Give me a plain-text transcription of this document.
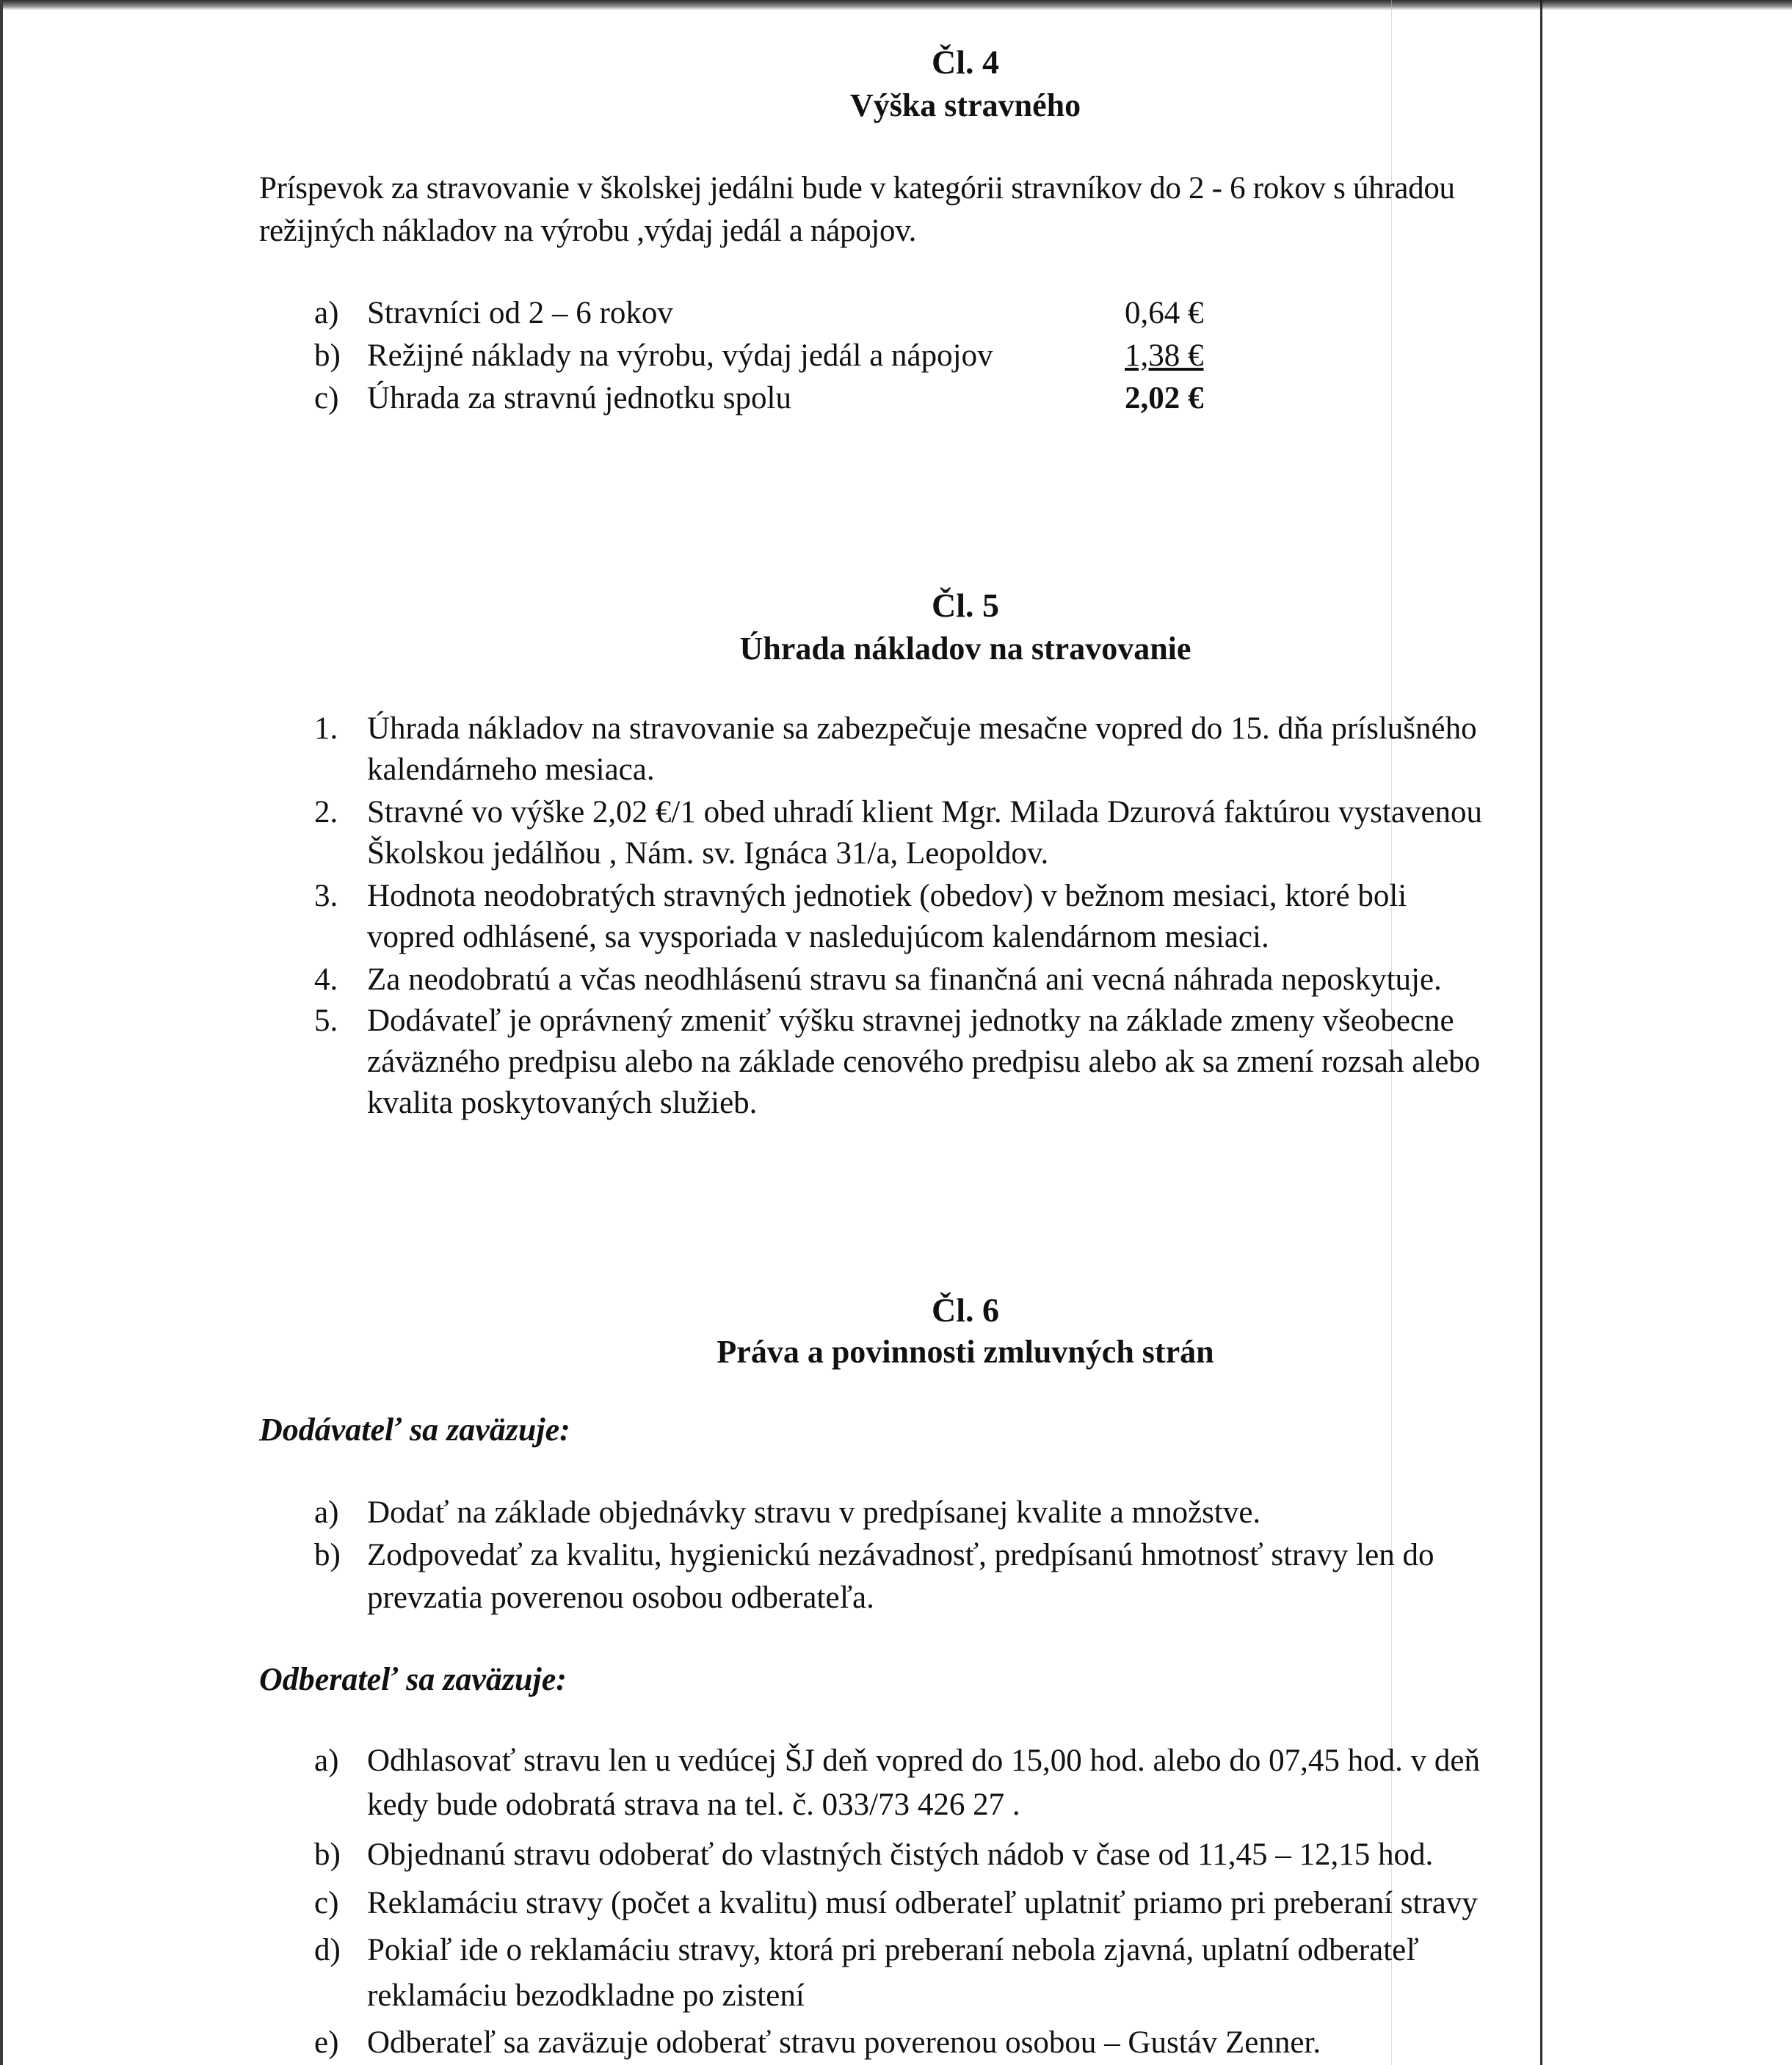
Čl. 4
Výška stravného
Príspevok za stravovanie v školskej jedálni bude v kategórii stravníkov do 2 - 6 rokov s úhradou
režijných nákladov na výrobu ,výdaj jedál a nápojov.
a) Stravníci od 2 – 6 rokov	0,64 €
b) Režijné náklady na výrobu, výdaj jedál a nápojov	1,38 €
c) Úhrada za stravnú jednotku spolu	2,02 €
Čl. 5
Úhrada nákladov na stravovanie
1. Úhrada nákladov na stravovanie sa zabezpečuje mesačne vopred do 15. dňa príslušného
kalendárneho mesiaca.
2. Stravné vo výške 2,02 €/1 obed uhradí klient Mgr. Milada Dzurová faktúrou vystavenou
Školskou jedálňou , Nám. sv. Ignáca 31/a, Leopoldov.
3. Hodnota neodobratých stravných jednotiek (obedov) v bežnom mesiaci, ktoré boli
vopred odhlásené, sa vysporiada v nasledujúcom kalendárnom mesiaci.
4. Za neodobratú a včas neodhlásenú stravu sa finančná ani vecná náhrada neposkytuje.
5. Dodávateľ je oprávnený zmeniť výšku stravnej jednotky na základe zmeny všeobecne
záväzného predpisu alebo na základe cenového predpisu alebo ak sa zmení rozsah alebo
kvalita poskytovaných služieb.
Čl. 6
Práva a povinnosti zmluvných strán
Dodávateľ sa zaväzuje:
a) Dodať na základe objednávky stravu v predpísanej kvalite a množstve.
b) Zodpovedať za kvalitu, hygienickú nezávadnosť, predpísanú hmotnosť stravy len do
prevzatia poverenou osobou odberateľa.
Odberateľ sa zaväzuje:
a) Odhlasovať stravu len u vedúcej ŠJ deň vopred do 15,00 hod. alebo do 07,45 hod. v deň
kedy bude odobratá strava na tel. č. 033/73 426 27 .
b) Objednanú stravu odoberať do vlastných čistých nádob v čase od 11,45 – 12,15 hod.
c) Reklamáciu stravy (počet a kvalitu) musí odberateľ uplatniť priamo pri preberaní stravy
d) Pokiaľ ide o reklamáciu stravy, ktorá pri preberaní nebola zjavná, uplatní odberateľ
reklamáciu bezodkladne po zistení
e) Odberateľ sa zaväzuje odoberať stravu poverenou osobou – Gustáv Zenner.
